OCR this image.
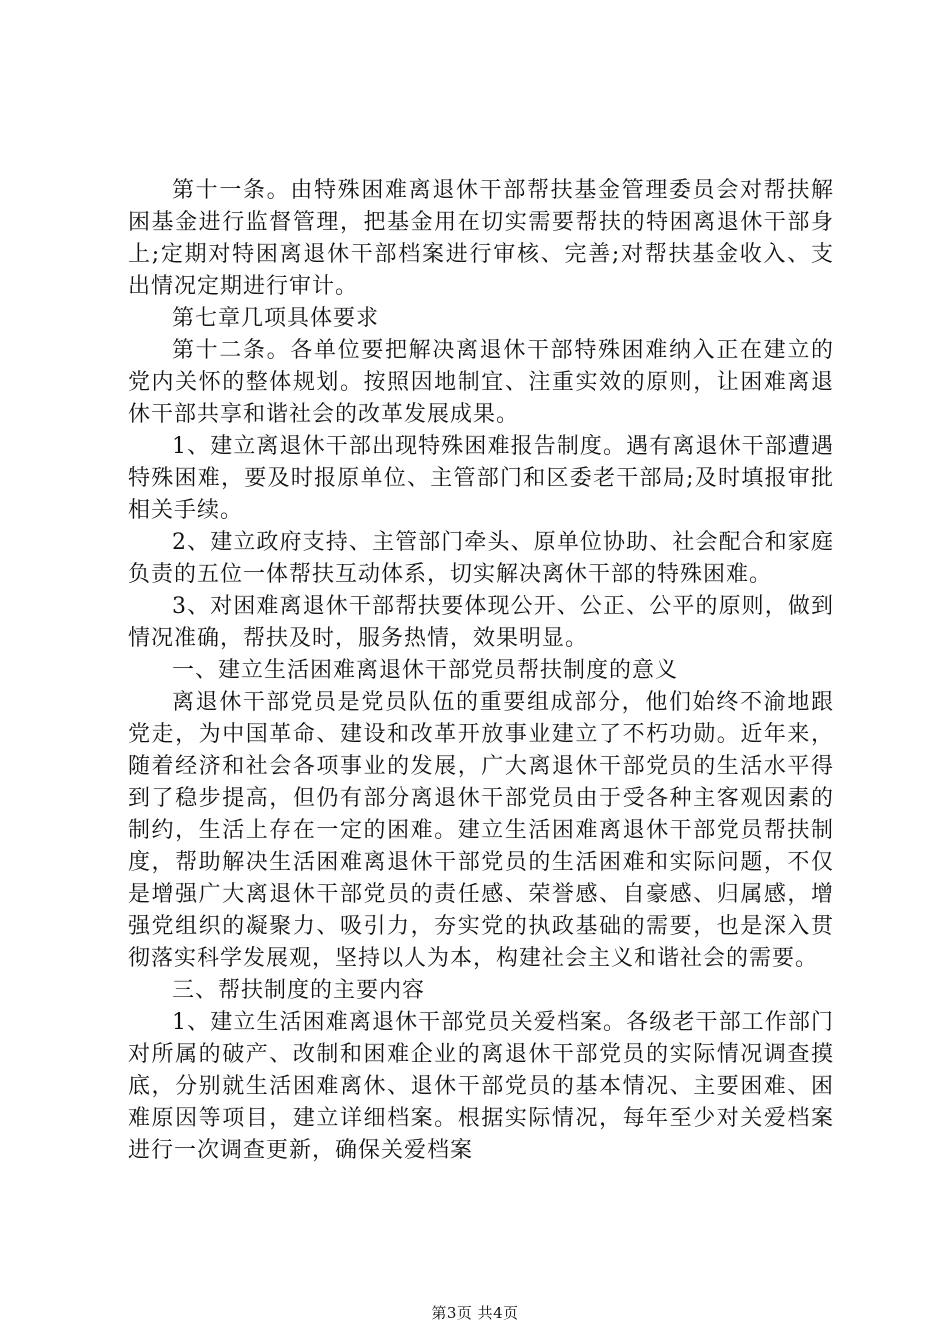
第十一条。由特殊困难离退休干部帮扶基金管理委员会对帮扶解困基金进行监督管理，把基金用在切实需要帮扶的特困离退休干部身上;定期对特困离退休干部档案进行审核、完善;对帮扶基金收入、支出情况定期进行审计。

第七章几项具体要求

第十二条。各单位要把解决离退休干部特殊困难纳入正在建立的党内关怀的整体规划。按照因地制宜、注重实效的原则，让困难离退休干部共享和谐社会的改革发展成果。

1、建立离退休干部出现特殊困难报告制度。遇有离退休干部遭遇特殊困难，要及时报原单位、主管部门和区委老干部局;及时填报审批相关手续。

2、建立政府支持、主管部门牵头、原单位协助、社会配合和家庭负责的五位一体帮扶互动体系，切实解决离休干部的特殊困难。

3、对困难离退休干部帮扶要体现公开、公正、公平的原则，做到情况准确，帮扶及时，服务热情，效果明显。

一、建立生活困难离退休干部党员帮扶制度的意义

离退休干部党员是党员队伍的重要组成部分，他们始终不渝地跟党走，为中国革命、建设和改革开放事业建立了不朽功勋。近年来，随着经济和社会各项事业的发展，广大离退休干部党员的生活水平得到了稳步提高，但仍有部分离退休干部党员由于受各种主客观因素的制约，生活上存在一定的困难。建立生活困难离退休干部党员帮扶制度，帮助解决生活困难离退休干部党员的生活困难和实际问题，不仅是增强广大离退休干部党员的责任感、荣誉感、自豪感、归属感，增强党组织的凝聚力、吸引力，夯实党的执政基础的需要，也是深入贯彻落实科学发展观，坚持以人为本，构建社会主义和谐社会的需要。

三、帮扶制度的主要内容

1、建立生活困难离退休干部党员关爱档案。各级老干部工作部门对所属的破产、改制和困难企业的离退休干部党员的实际情况调查摸底，分别就生活困难离休、退休干部党员的基本情况、主要困难、困难原因等项目，建立详细档案。根据实际情况，每年至少对关爱档案进行一次调查更新，确保关爱档案

第3页 共4页
